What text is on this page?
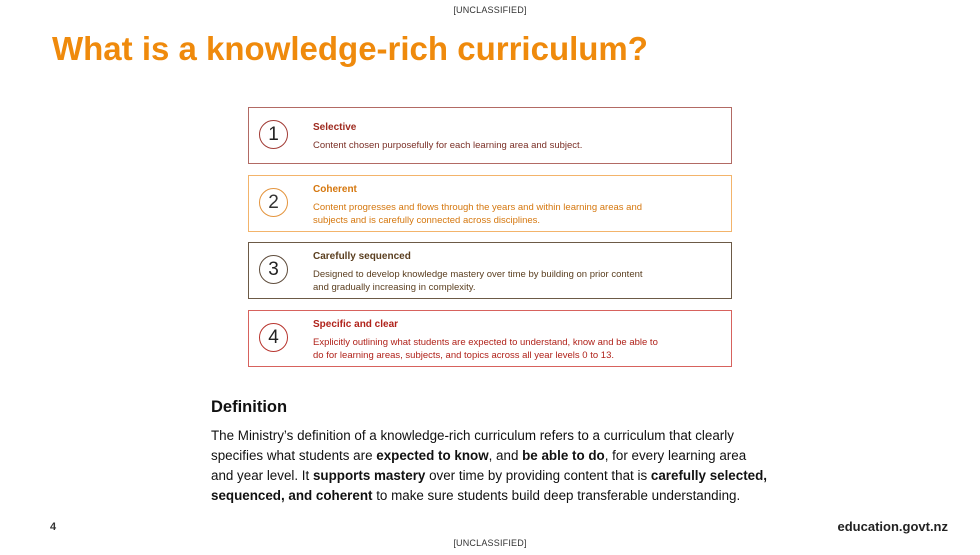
[UNCLASSIFIED]
What is a knowledge-rich curriculum?
1	Selective
Content chosen purposefully for each learning area and subject.
2
Coherent
Content progresses and flows through the years and within learning areas and
subjects and is carefully connected across disciplines.
3
Carefully sequenced
Designed to develop knowledge mastery over time by building on prior content
and gradually increasing in complexity.
4
Specific and clear
Explicitly outlining what students are expected to understand, know and be able to
do for learning areas, subjects, and topics across all year levels 0 to 13.
Definition

The Ministry’s definition of a knowledge-rich curriculum refers to a curriculum that clearly specifies what students are expected to know, and be able to do, for every learning area and year level. It supports mastery over time by providing content that is carefully selected, sequenced, and coherent to make sure students build deep transferable understanding.

4	education.govt.nz
[UNCLASSIFIED]
